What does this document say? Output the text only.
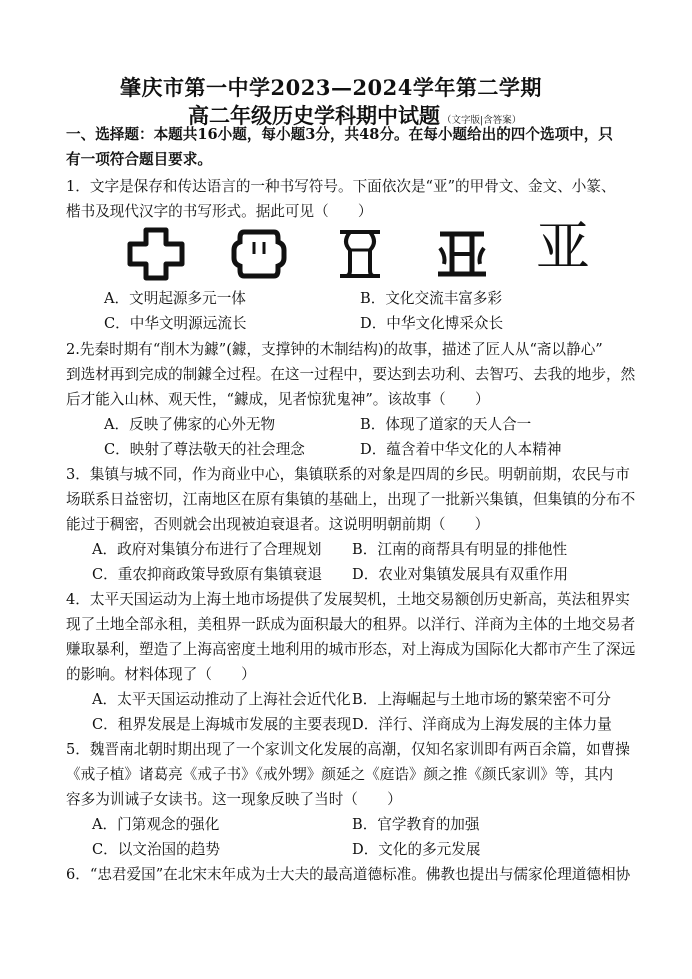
肇庆市第一中学2023—2024学年第二学期
高二年级历史学科期中试题 （文字版|含答案）
一、选择题：本题共16小题，每小题3分，共48分。在每小题给出的四个选项中，只
有一项符合题目要求。
1．文字是保存和传达语言的一种书写符号。下面依次是“亚”的甲骨文、金文、小篆、
楷书及现代汉字的书写形式。据此可见（　　）
亚
A．文明起源多元一体	B．文化交流丰富多彩
C．中华文明源远流长	D．中华文化博采众长
2.先秦时期有“削木为鐻”(鐻，支撑钟的木制结构)的故事，描述了匠人从“斋以静心”
到选材再到完成的制鐻全过程。在这一过程中，要达到去功利、去智巧、去我的地步，然
后才能入山林、观天性，“鐻成，见者惊犹鬼神”。该故事（　　）
A．反映了佛家的心外无物	B．体现了道家的天人合一
C．映射了尊法敬天的社会理念	D．蕴含着中华文化的人本精神
3．集镇与城不同，作为商业中心，集镇联系的对象是四周的乡民。明朝前期，农民与市
场联系日益密切，江南地区在原有集镇的基础上，出现了一批新兴集镇，但集镇的分布不
能过于稠密，否则就会出现被迫衰退者。这说明明朝前期（　　）
A．政府对集镇分布进行了合理规划 B．江南的商帮具有明显的排他性
C．重农抑商政策导致原有集镇衰退 D．农业对集镇发展具有双重作用
4．太平天国运动为上海土地市场提供了发展契机，土地交易额创历史新高，英法租界实
现了土地全部永租，美租界一跃成为面积最大的租界。以洋行、洋商为主体的土地交易者
赚取暴利，塑造了上海高密度土地利用的城市形态，对上海成为国际化大都市产生了深远
的影响。材料体现了（　　）
A．太平天国运动推动了上海社会近代化 B．上海崛起与土地市场的繁荣密不可分
C．租界发展是上海城市发展的主要表现 D．洋行、洋商成为上海发展的主体力量
5．魏晋南北朝时期出现了一个家训文化发展的高潮，仅知名家训即有两百余篇，如曹操
《戒子植》诸葛亮《戒子书》《戒外甥》颜延之《庭诰》颜之推《颜氏家训》等，其内
容多为训诫子女读书。这一现象反映了当时（　　）
A．门第观念的强化	B．官学教育的加强
C．以文治国的趋势	D．文化的多元发展
6．“忠君爱国”在北宋末年成为士大夫的最高道德标准。佛教也提出与儒家伦理道德相协
